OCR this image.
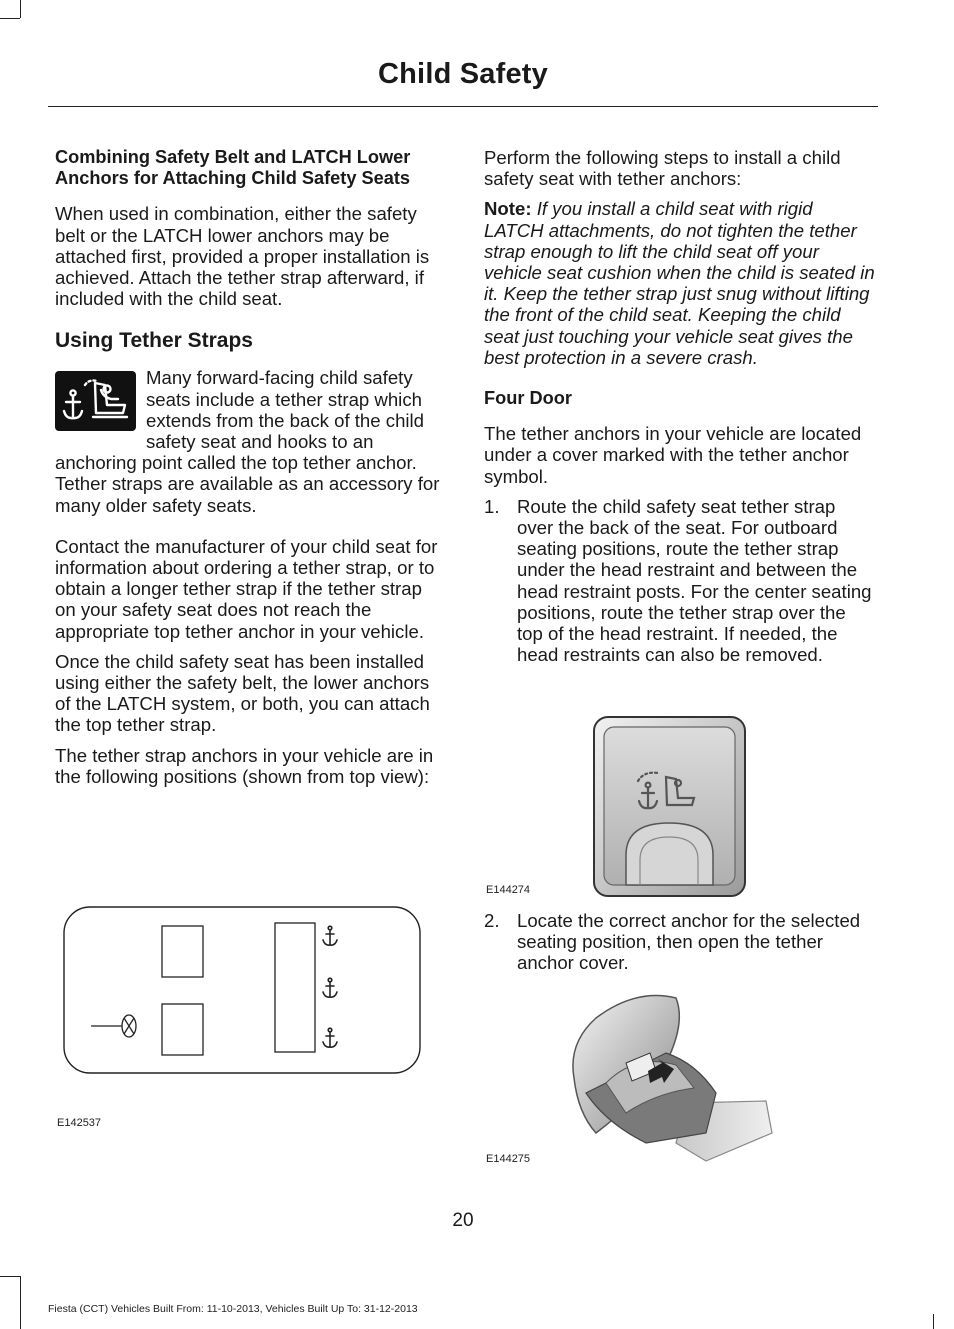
Child Safety
Combining Safety Belt and LATCH Lower Anchors for Attaching Child Safety Seats

When used in combination, either the safety belt or the LATCH lower anchors may be attached first, provided a proper installation is achieved. Attach the tether strap afterward, if included with the child seat.

Using Tether Straps

Many forward-facing child safety seats include a tether strap which extends from the back of the child safety seat and hooks to an anchoring point called the top tether anchor. Tether straps are available as an accessory for many older safety seats.

Contact the manufacturer of your child seat for information about ordering a tether strap, or to obtain a longer tether strap if the tether strap on your safety seat does not reach the appropriate top tether anchor in your vehicle.

Once the child safety seat has been installed using either the safety belt, the lower anchors of the LATCH system, or both, you can attach the top tether strap.

The tether strap anchors in your vehicle are in the following positions (shown from top view):

E142537

Perform the following steps to install a child safety seat with tether anchors:

Note: If you install a child seat with rigid LATCH attachments, do not tighten the tether strap enough to lift the child seat off your vehicle seat cushion when the child is seated in it. Keep the tether strap just snug without lifting the front of the child seat. Keeping the child seat just touching your vehicle seat gives the best protection in a severe crash.

Four Door

The tether anchors in your vehicle are located under a cover marked with the tether anchor symbol.

1. Route the child safety seat tether strap over the back of the seat. For outboard seating positions, route the tether strap under the head restraint and between the head restraint posts. For the center seating positions, route the tether strap over the top of the head restraint. If needed, the head restraints can also be removed.
E144274
2. Locate the correct anchor for the selected seating position, then open the tether anchor cover.
E144275
20
Fiesta (CCT) Vehicles Built From: 11-10-2013, Vehicles Built Up To: 31-12-2013
